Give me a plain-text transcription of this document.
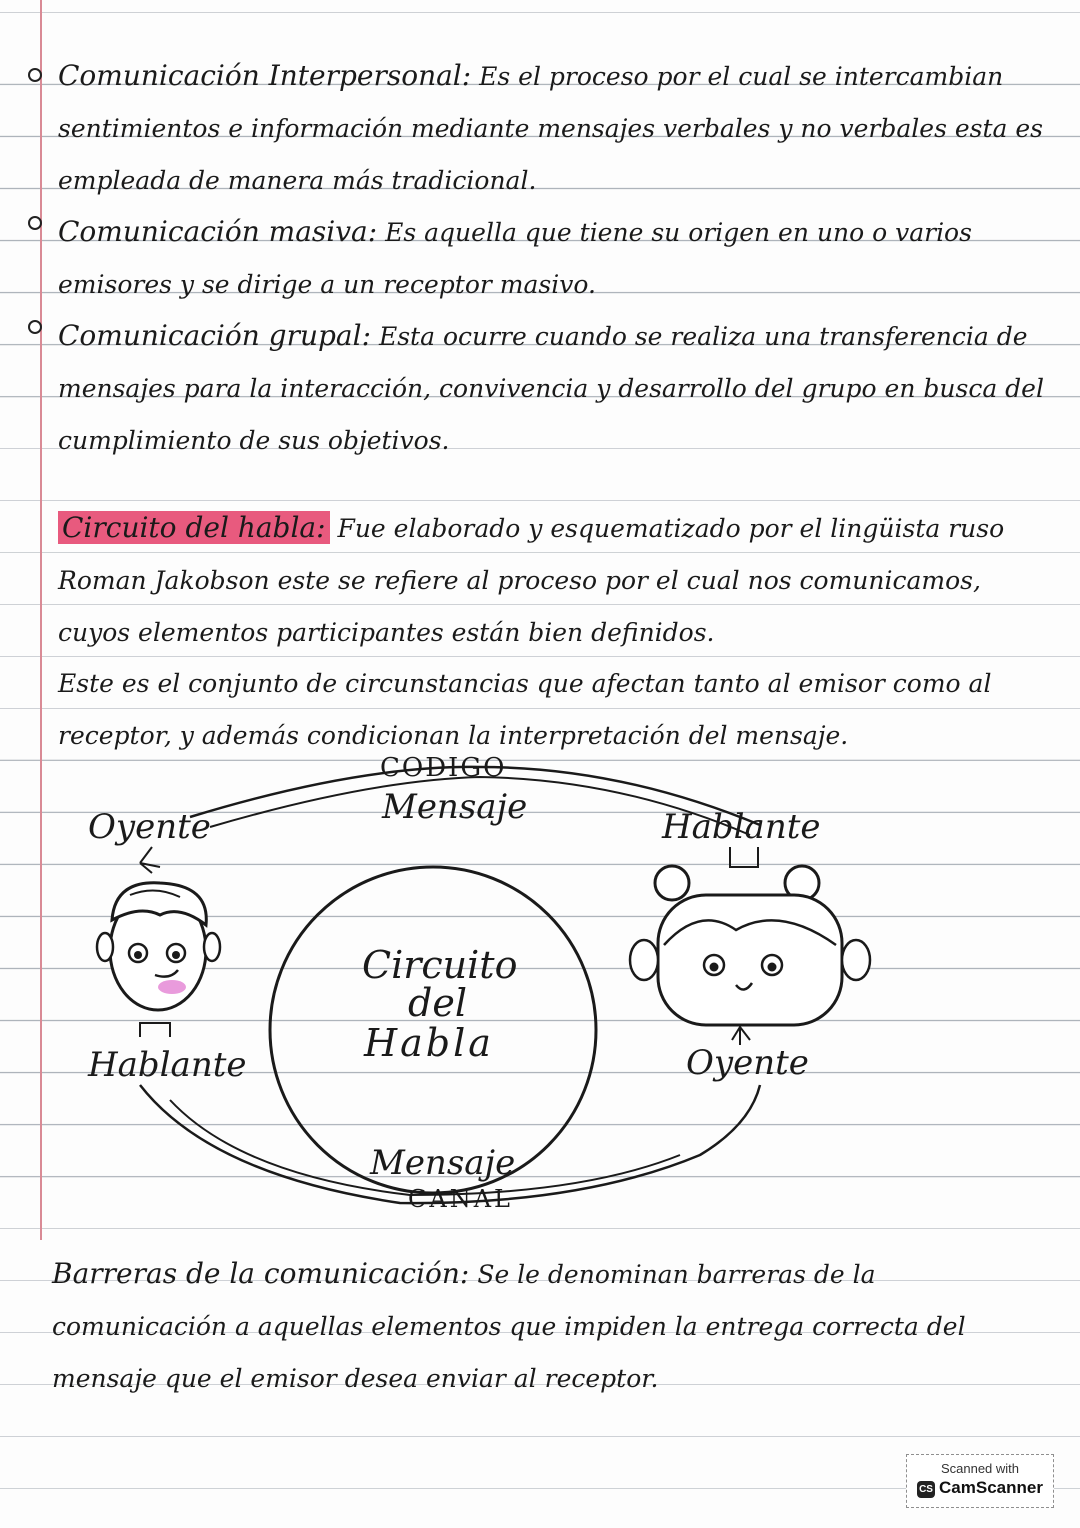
Comunicación Interpersonal: Es el proceso por el cual se intercambian sentimientos e información mediante mensajes verbales y no verbales esta es empleada de manera más tradicional.
Comunicación masiva: Es aquella que tiene su origen en uno o varios emisores y se dirige a un receptor masivo.
Comunicación grupal: Esta ocurre cuando se realiza una transferencia de mensajes para la interacción, convivencia y desarrollo del grupo en busca del cumplimiento de sus objetivos.
Circuito del habla: Fue elaborado y esquematizado por el lingüista ruso Roman Jakobson este se refiere al proceso por el cual nos comunicamos, cuyos elementos participantes están bien definidos.
Este es el conjunto de circunstancias que afectan tanto al emisor como al receptor, y además condicionan la interpretación del mensaje.
CODIGO
Mensaje
Oyente	Hablante
Circuito
del
Habla
Hablante	Oyente
Mensaje
CANAL
Barreras de la comunicación: Se le denominan barreras de la comunicación a aquellas elementos que impiden la entrega correcta del mensaje que el emisor desea enviar al receptor.
Scanned with
CS CamScanner
